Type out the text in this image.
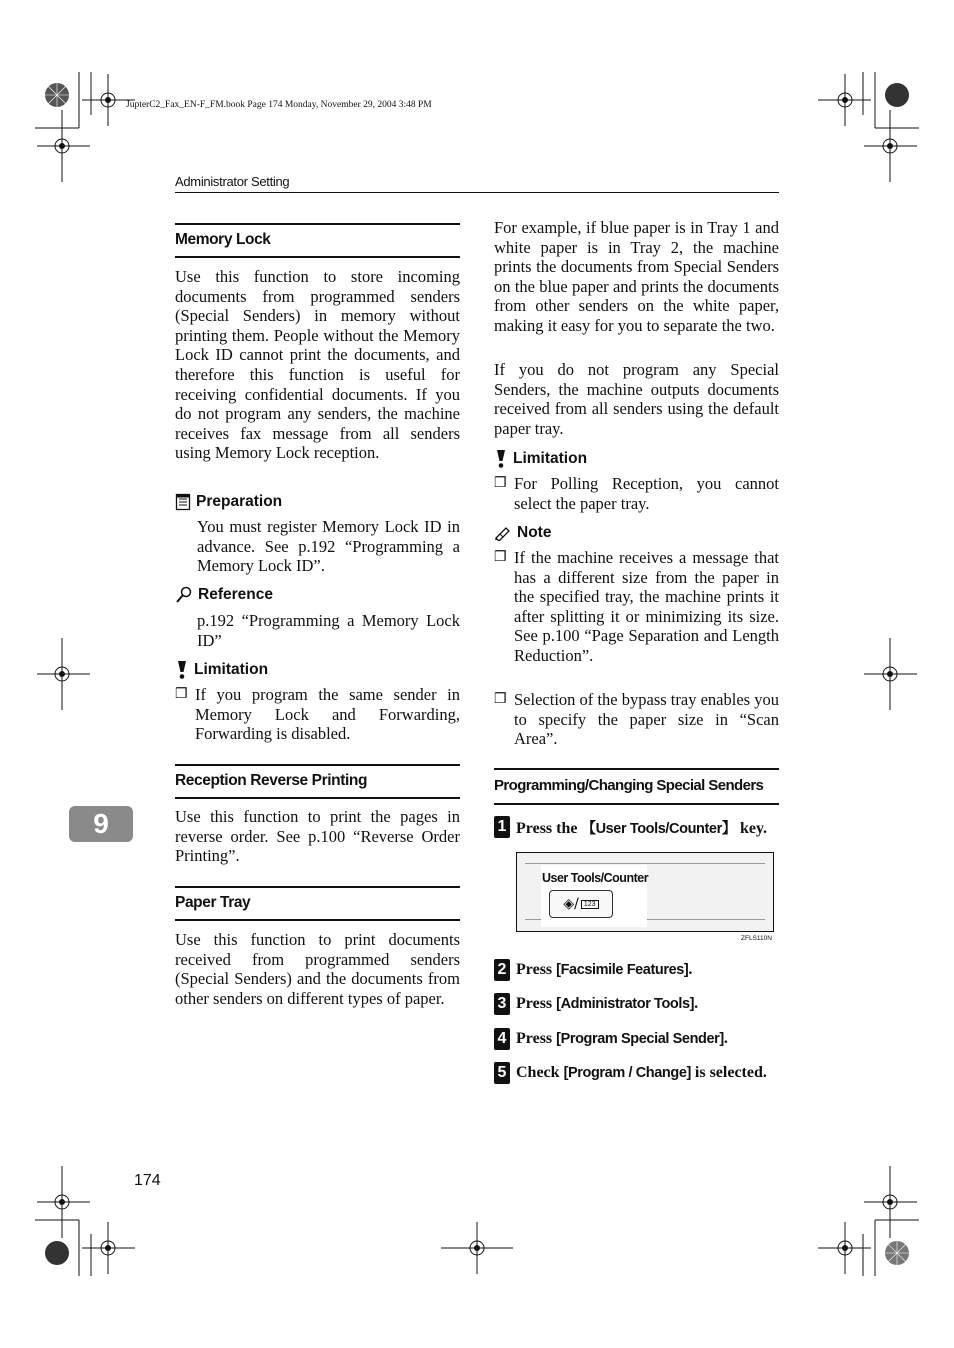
JupterC2_Fax_EN-F_FM.book Page 174 Monday, November 29, 2004 3:48 PM
Administrator Setting
9
Memory Lock

Use this function to store incoming documents from programmed senders (Special Senders) in memory without printing them. People without the Memory Lock ID cannot print the documents, and therefore this function is useful for receiving confidential documents. If you do not program any senders, the machine receives fax message from all senders using Memory Lock reception.

Preparation

You must register Memory Lock ID in advance. See p.192 “Programming a Memory Lock ID”.

Reference

p.192 “Programming a Memory Lock ID”

Limitation
❒ If you program the same sender in Memory Lock and Forwarding, Forwarding is disabled.

Reception Reverse Printing

Use this function to print the pages in reverse order. See p.100 “Reverse Order Printing”.

Paper Tray

Use this function to print documents received from programmed senders (Special Senders) and the documents from other senders on different types of paper.

For example, if blue paper is in Tray 1 and white paper is in Tray 2, the machine prints the documents from Special Senders on the blue paper and prints the documents from other senders on the white paper, making it easy for you to separate the two.

If you do not program any Special Senders, the machine outputs documents received from all senders using the default paper tray.

Limitation
❒ For Polling Reception, you cannot select the paper tray.

Note
❒ If the machine receives a message that has a different size from the paper in the specified tray, the machine prints it after splitting it or minimizing its size. See p.100 “Page Separation and Length Reduction”.

❒ Selection of the bypass tray enables you to specify the paper size in “Scan Area”.

Programming/Changing Special Senders
1 Press the 【User Tools/Counter】 key.
User Tools/Counter
◈/ 123
ZFLS110N
2 Press [Facsimile Features].
3 Press [Administrator Tools].
4 Press [Program Special Sender].
5 Check [Program / Change] is selected.
174
